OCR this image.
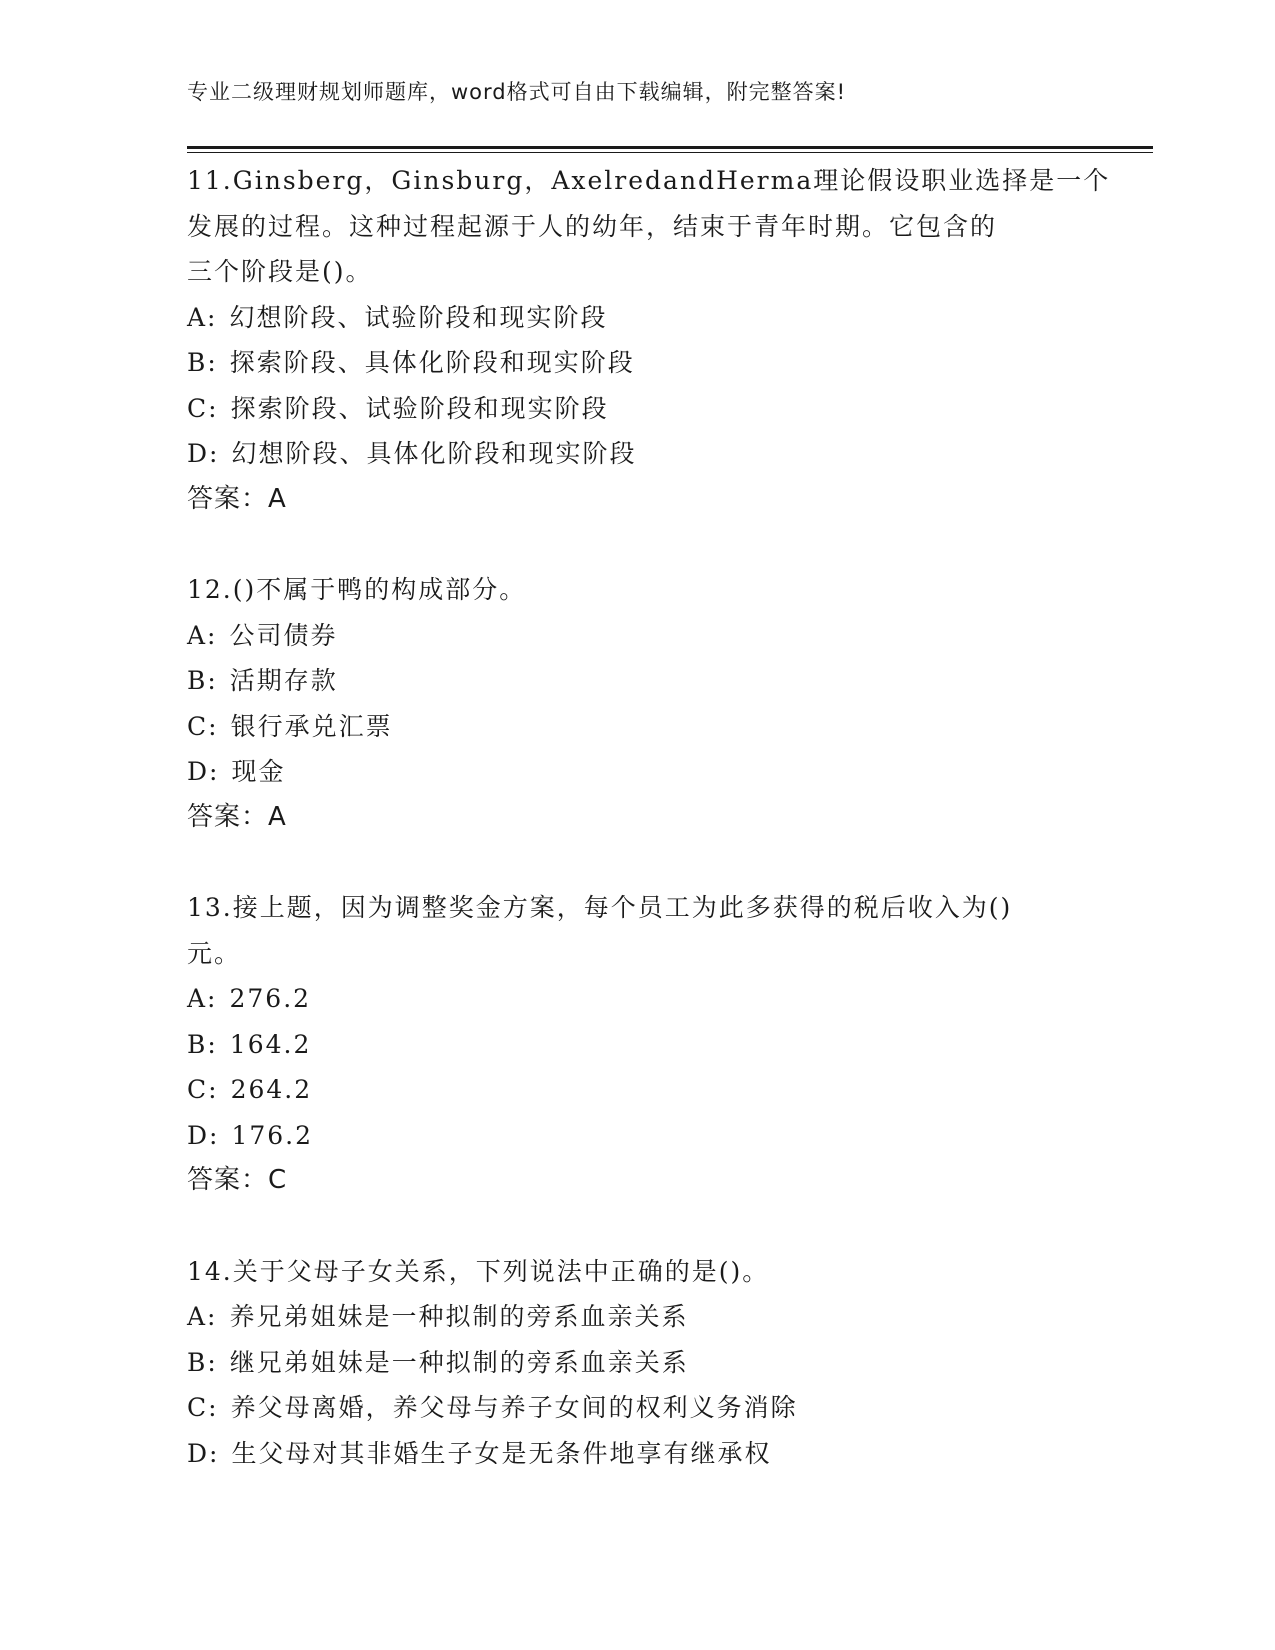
专业二级理财规划师题库，word格式可自由下载编辑，附完整答案!
11.Ginsberg，Ginsburg，AxelredandHerma理论假设职业选择是一个
发展的过程。这种过程起源于人的幼年，结束于青年时期。它包含的
三个阶段是()。
A: 幻想阶段、试验阶段和现实阶段
B: 探索阶段、具体化阶段和现实阶段
C: 探索阶段、试验阶段和现实阶段
D: 幻想阶段、具体化阶段和现实阶段
答案：A
12.()不属于鸭的构成部分。
A: 公司债券
B: 活期存款
C: 银行承兑汇票
D: 现金
答案：A
13.接上题，因为调整奖金方案，每个员工为此多获得的税后收入为()
元。
A: 276.2
B: 164.2
C: 264.2
D: 176.2
答案：C
14.关于父母子女关系，下列说法中正确的是()。
A: 养兄弟姐妹是一种拟制的旁系血亲关系
B: 继兄弟姐妹是一种拟制的旁系血亲关系
C: 养父母离婚，养父母与养子女间的权利义务消除
D: 生父母对其非婚生子女是无条件地享有继承权
